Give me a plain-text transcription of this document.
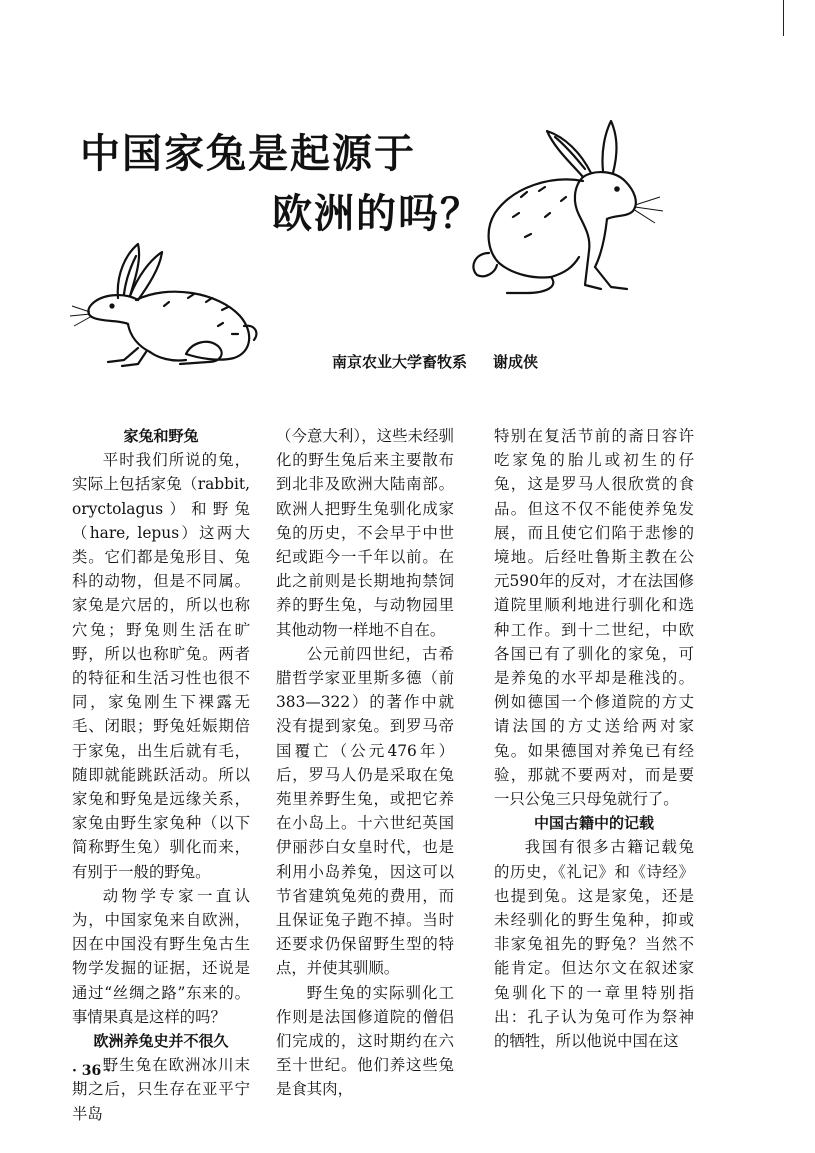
中国家兔是起源于
欧洲的吗？
南京农业大学畜牧系 谢成侠
家兔和野兔

平时我们所说的兔，实际上包括家兔（rabbit, oryctolagus）和野兔（hare, lepus）这两大类。它们都是兔形目、兔科的动物，但是不同属。家兔是穴居的，所以也称穴兔；野兔则生活在旷野，所以也称旷兔。两者的特征和生活习性也很不同，家兔刚生下裸露无毛、闭眼；野兔妊娠期倍于家兔，出生后就有毛，随即就能跳跃活动。所以家兔和野兔是远缘关系，家兔由野生家兔种（以下简称野生兔）驯化而来，有别于一般的野兔。

动物学专家一直认为，中国家兔来自欧洲，因在中国没有野生兔古生物学发掘的证据，还说是通过“丝绸之路”东来的。事情果真是这样的吗？

欧洲养兔史并不很久

野生兔在欧洲冰川末期之后，只生存在亚平宁半岛

（今意大利），这些未经驯化的野生兔后来主要散布到北非及欧洲大陆南部。欧洲人把野生兔驯化成家兔的历史，不会早于中世纪或距今一千年以前。在此之前则是长期地拘禁饲养的野生兔，与动物园里其他动物一样地不自在。

公元前四世纪，古希腊哲学家亚里斯多德（前383—322）的著作中就没有提到家兔。到罗马帝国覆亡（公元476年）后，罗马人仍是采取在兔苑里养野生兔，或把它养在小岛上。十六世纪英国伊丽莎白女皇时代，也是利用小岛养兔，因这可以节省建筑兔苑的费用，而且保证兔子跑不掉。当时还要求仍保留野生型的特点，并使其驯顺。

野生兔的实际驯化工作则是法国修道院的僧侣们完成的，这时期约在六至十世纪。他们养这些兔是食其肉，

特别在复活节前的斋日容许吃家兔的胎儿或初生的仔兔，这是罗马人很欣赏的食品。但这不仅不能使养兔发展，而且使它们陷于悲惨的境地。后经吐鲁斯主教在公元590年的反对，才在法国修道院里顺利地进行驯化和选种工作。到十二世纪，中欧各国已有了驯化的家兔，可是养兔的水平却是稚浅的。例如德国一个修道院的方丈请法国的方丈送给两对家兔。如果德国对养兔已有经验，那就不要两对，而是要一只公兔三只母兔就行了。

中国古籍中的记载

我国有很多古籍记载兔的历史，《礼记》和《诗经》也提到兔。这是家兔，还是未经驯化的野生兔种，抑或非家兔祖先的野兔？当然不能肯定。但达尔文在叙述家兔驯化下的一章里特别指出：孔子认为兔可作为祭神的牺牲，所以他说中国在这

· 36 ·
